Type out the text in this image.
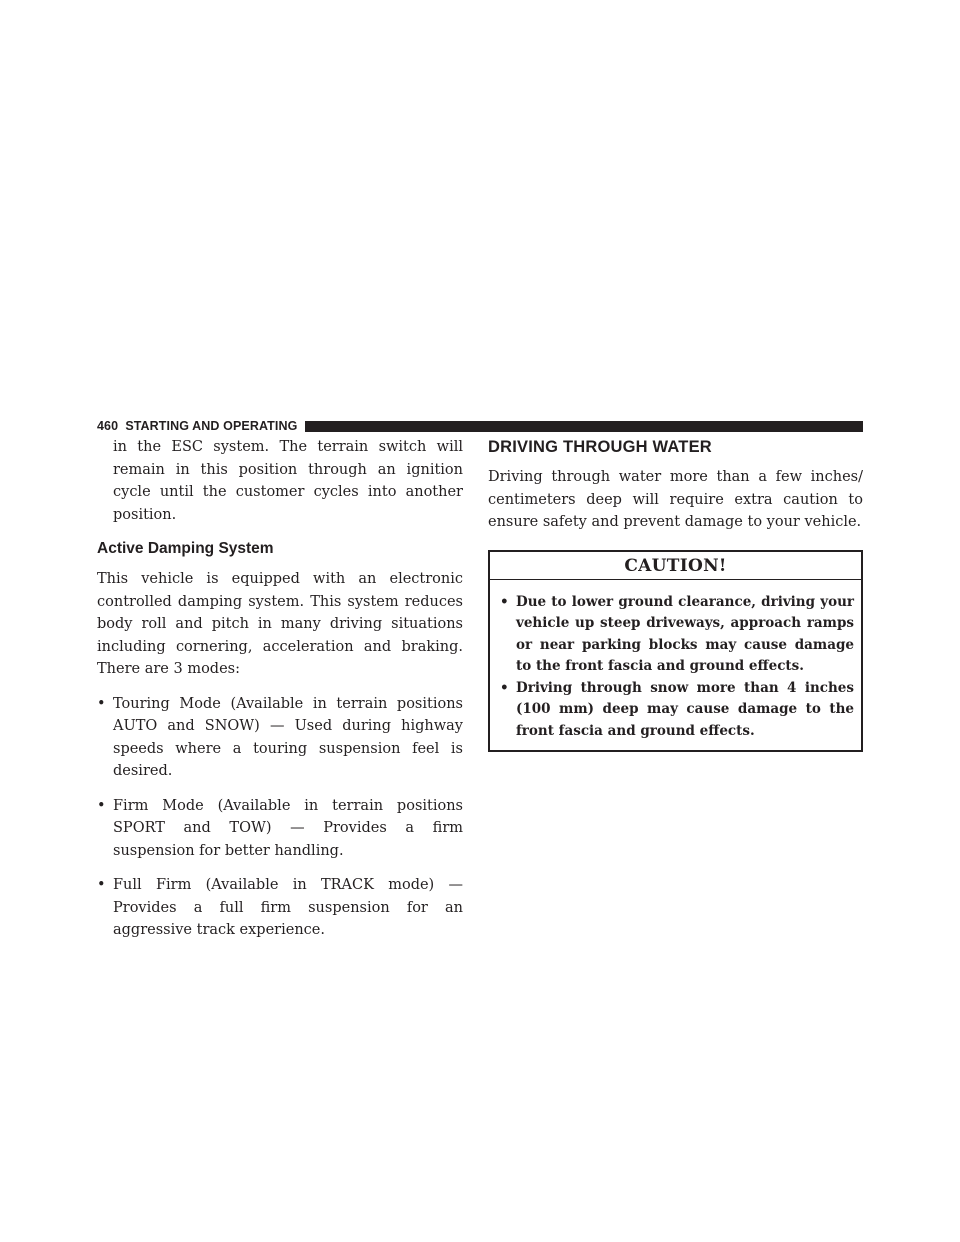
460 STARTING AND OPERATING

in the ESC system. The terrain switch will remain in this position through an ignition cycle until the customer cycles into another position.

Active Damping System

This vehicle is equipped with an electronic controlled damping system. This system reduces body roll and pitch in many driving situations including cornering, acceleration and braking. There are 3 modes:

• Touring Mode (Available in terrain positions AUTO and SNOW) — Used during highway speeds where a touring suspension feel is desired.
• Firm Mode (Available in terrain positions SPORT and TOW) — Provides a firm suspension for better handling.
• Full Firm (Available in TRACK mode) — Provides a full firm suspension for an aggressive track experience.
DRIVING THROUGH WATER

Driving through water more than a few inches/ centimeters deep will require extra caution to ensure safety and prevent damage to your vehicle.

CAUTION!
• Due to lower ground clearance, driving your vehicle up steep driveways, approach ramps or near parking blocks may cause damage to the front fascia and ground effects.
• Driving through snow more than 4 inches (100 mm) deep may cause damage to the front fascia and ground effects.
